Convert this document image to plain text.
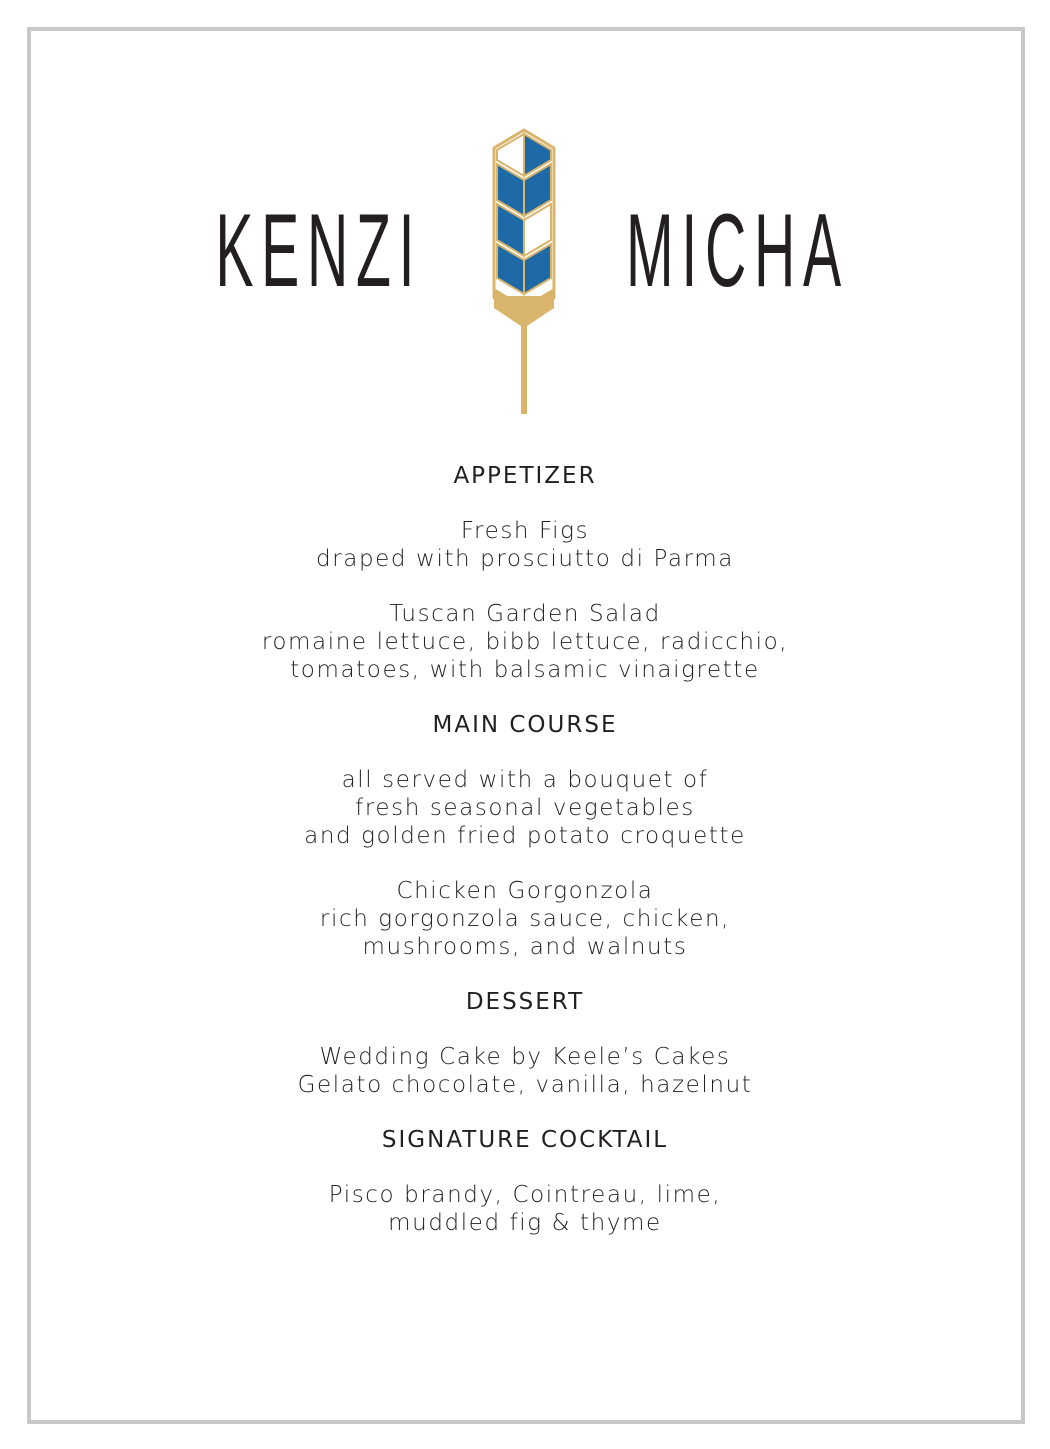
KENZI MICHA
APPETIZER
Fresh Figs
draped with prosciutto di Parma
Tuscan Garden Salad
romaine lettuce, bibb lettuce, radicchio,
tomatoes, with balsamic vinaigrette
MAIN COURSE
all served with a bouquet of
fresh seasonal vegetables
and golden fried potato croquette
Chicken Gorgonzola
rich gorgonzola sauce, chicken,
mushrooms, and walnuts
DESSERT
Wedding Cake by Keele’s Cakes
Gelato chocolate, vanilla, hazelnut
SIGNATURE COCKTAIL
Pisco brandy, Cointreau, lime,
muddled fig & thyme
